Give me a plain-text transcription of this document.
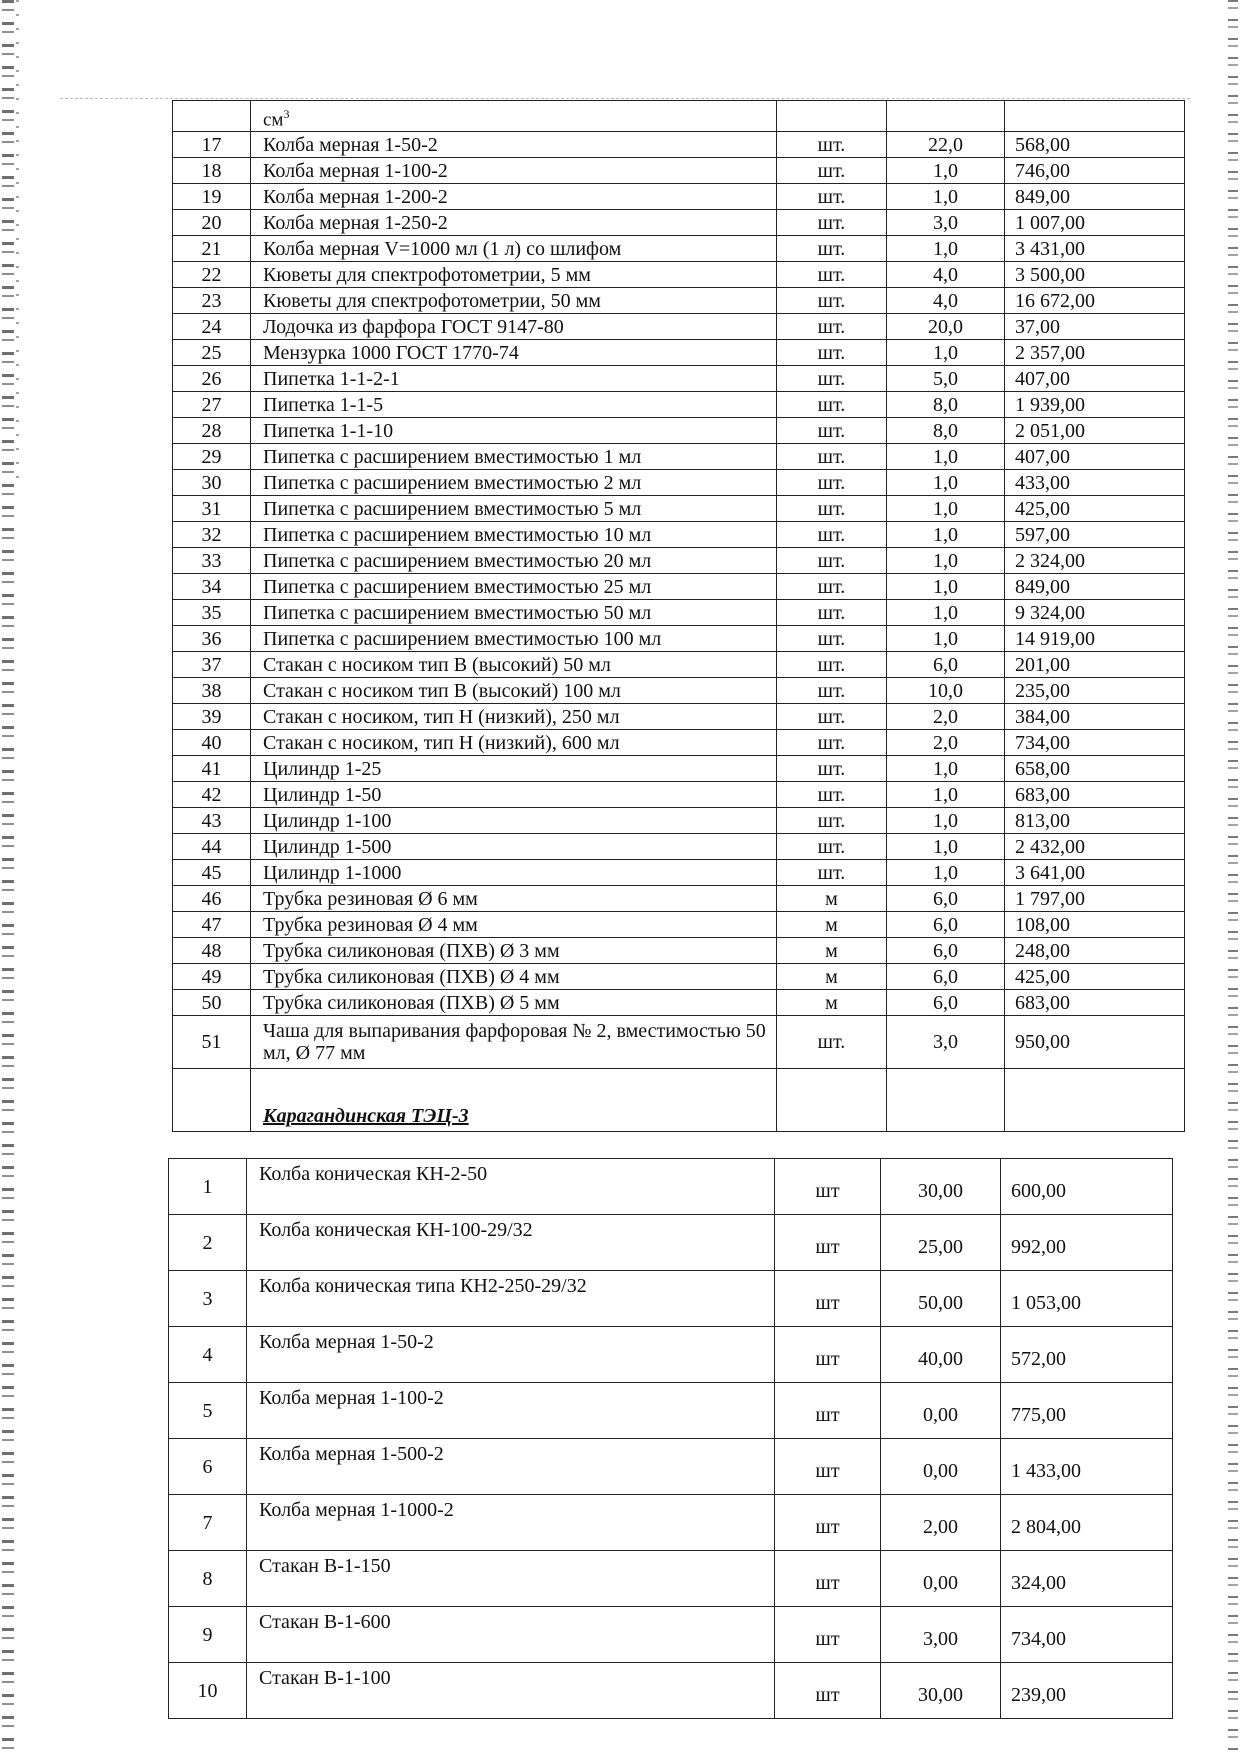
	$см^3$			
17	Колба мерная 1-50-2	шт.	22,0	568,00
18	Колба мерная 1-100-2	шт.	1,0	746,00
19	Колба мерная 1-200-2	шт.	1,0	849,00
20	Колба мерная 1-250-2	шт.	3,0	1 007,00
21	Колба мерная V=1000 мл (1 л) со шлифом	шт.	1,0	3 431,00
22	Кюветы для спектрофотометрии, 5 мм	шт.	4,0	3 500,00
23	Кюветы для спектрофотометрии, 50 мм	шт.	4,0	16 672,00
24	Лодочка из фарфора ГОСТ 9147-80	шт.	20,0	37,00
25	Мензурка 1000 ГОСТ 1770-74	шт.	1,0	2 357,00
26	Пипетка 1-1-2-1	шт.	5,0	407,00
27	Пипетка 1-1-5	шт.	8,0	1 939,00
28	Пипетка 1-1-10	шт.	8,0	2 051,00
29	Пипетка с расширением вместимостью 1 мл	шт.	1,0	407,00
30	Пипетка с расширением вместимостью 2 мл	шт.	1,0	433,00
31	Пипетка с расширением вместимостью 5 мл	шт.	1,0	425,00
32	Пипетка с расширением вместимостью 10 мл	шт.	1,0	597,00
33	Пипетка с расширением вместимостью 20 мл	шт.	1,0	2 324,00
34	Пипетка с расширением вместимостью 25 мл	шт.	1,0	849,00
35	Пипетка с расширением вместимостью 50 мл	шт.	1,0	9 324,00
36	Пипетка с расширением вместимостью 100 мл	шт.	1,0	14 919,00
37	Стакан с носиком тип В (высокий) 50 мл	шт.	6,0	201,00
38	Стакан с носиком тип В (высокий) 100 мл	шт.	10,0	235,00
39	Стакан с носиком, тип Н (низкий), 250 мл	шт.	2,0	384,00
40	Стакан с носиком, тип Н (низкий), 600 мл	шт.	2,0	734,00
41	Цилиндр 1-25	шт.	1,0	658,00
42	Цилиндр 1-50	шт.	1,0	683,00
43	Цилиндр 1-100	шт.	1,0	813,00
44	Цилиндр 1-500	шт.	1,0	2 432,00
45	Цилиндр 1-1000	шт.	1,0	3 641,00
46	Трубка резиновая Ø 6 мм	м	6,0	1 797,00
47	Трубка резиновая Ø 4 мм	м	6,0	108,00
48	Трубка силиконовая (ПХВ) Ø 3 мм	м	6,0	248,00
49	Трубка силиконовая (ПХВ) Ø 4 мм	м	6,0	425,00
50	Трубка силиконовая (ПХВ) Ø 5 мм	м	6,0	683,00
51	Чаша для выпаривания фарфоровая № 2, вместимостью 50 мл, Ø 77 мм	шт.	3,0	950,00
	Карагандинская ТЭЦ-3			
1	Колба коническая КН-2-50	шт	30,00	600,00
2	Колба коническая КН-100-29/32	шт	25,00	992,00
3	Колба коническая типа КН2-250-29/32	шт	50,00	1 053,00
4	Колба мерная 1-50-2	шт	40,00	572,00
5	Колба мерная 1-100-2	шт	0,00	775,00
6	Колба мерная 1-500-2	шт	0,00	1 433,00
7	Колба мерная 1-1000-2	шт	2,00	2 804,00
8	Стакан В-1-150	шт	0,00	324,00
9	Стакан В-1-600	шт	3,00	734,00
10	Стакан В-1-100	шт	30,00	239,00
